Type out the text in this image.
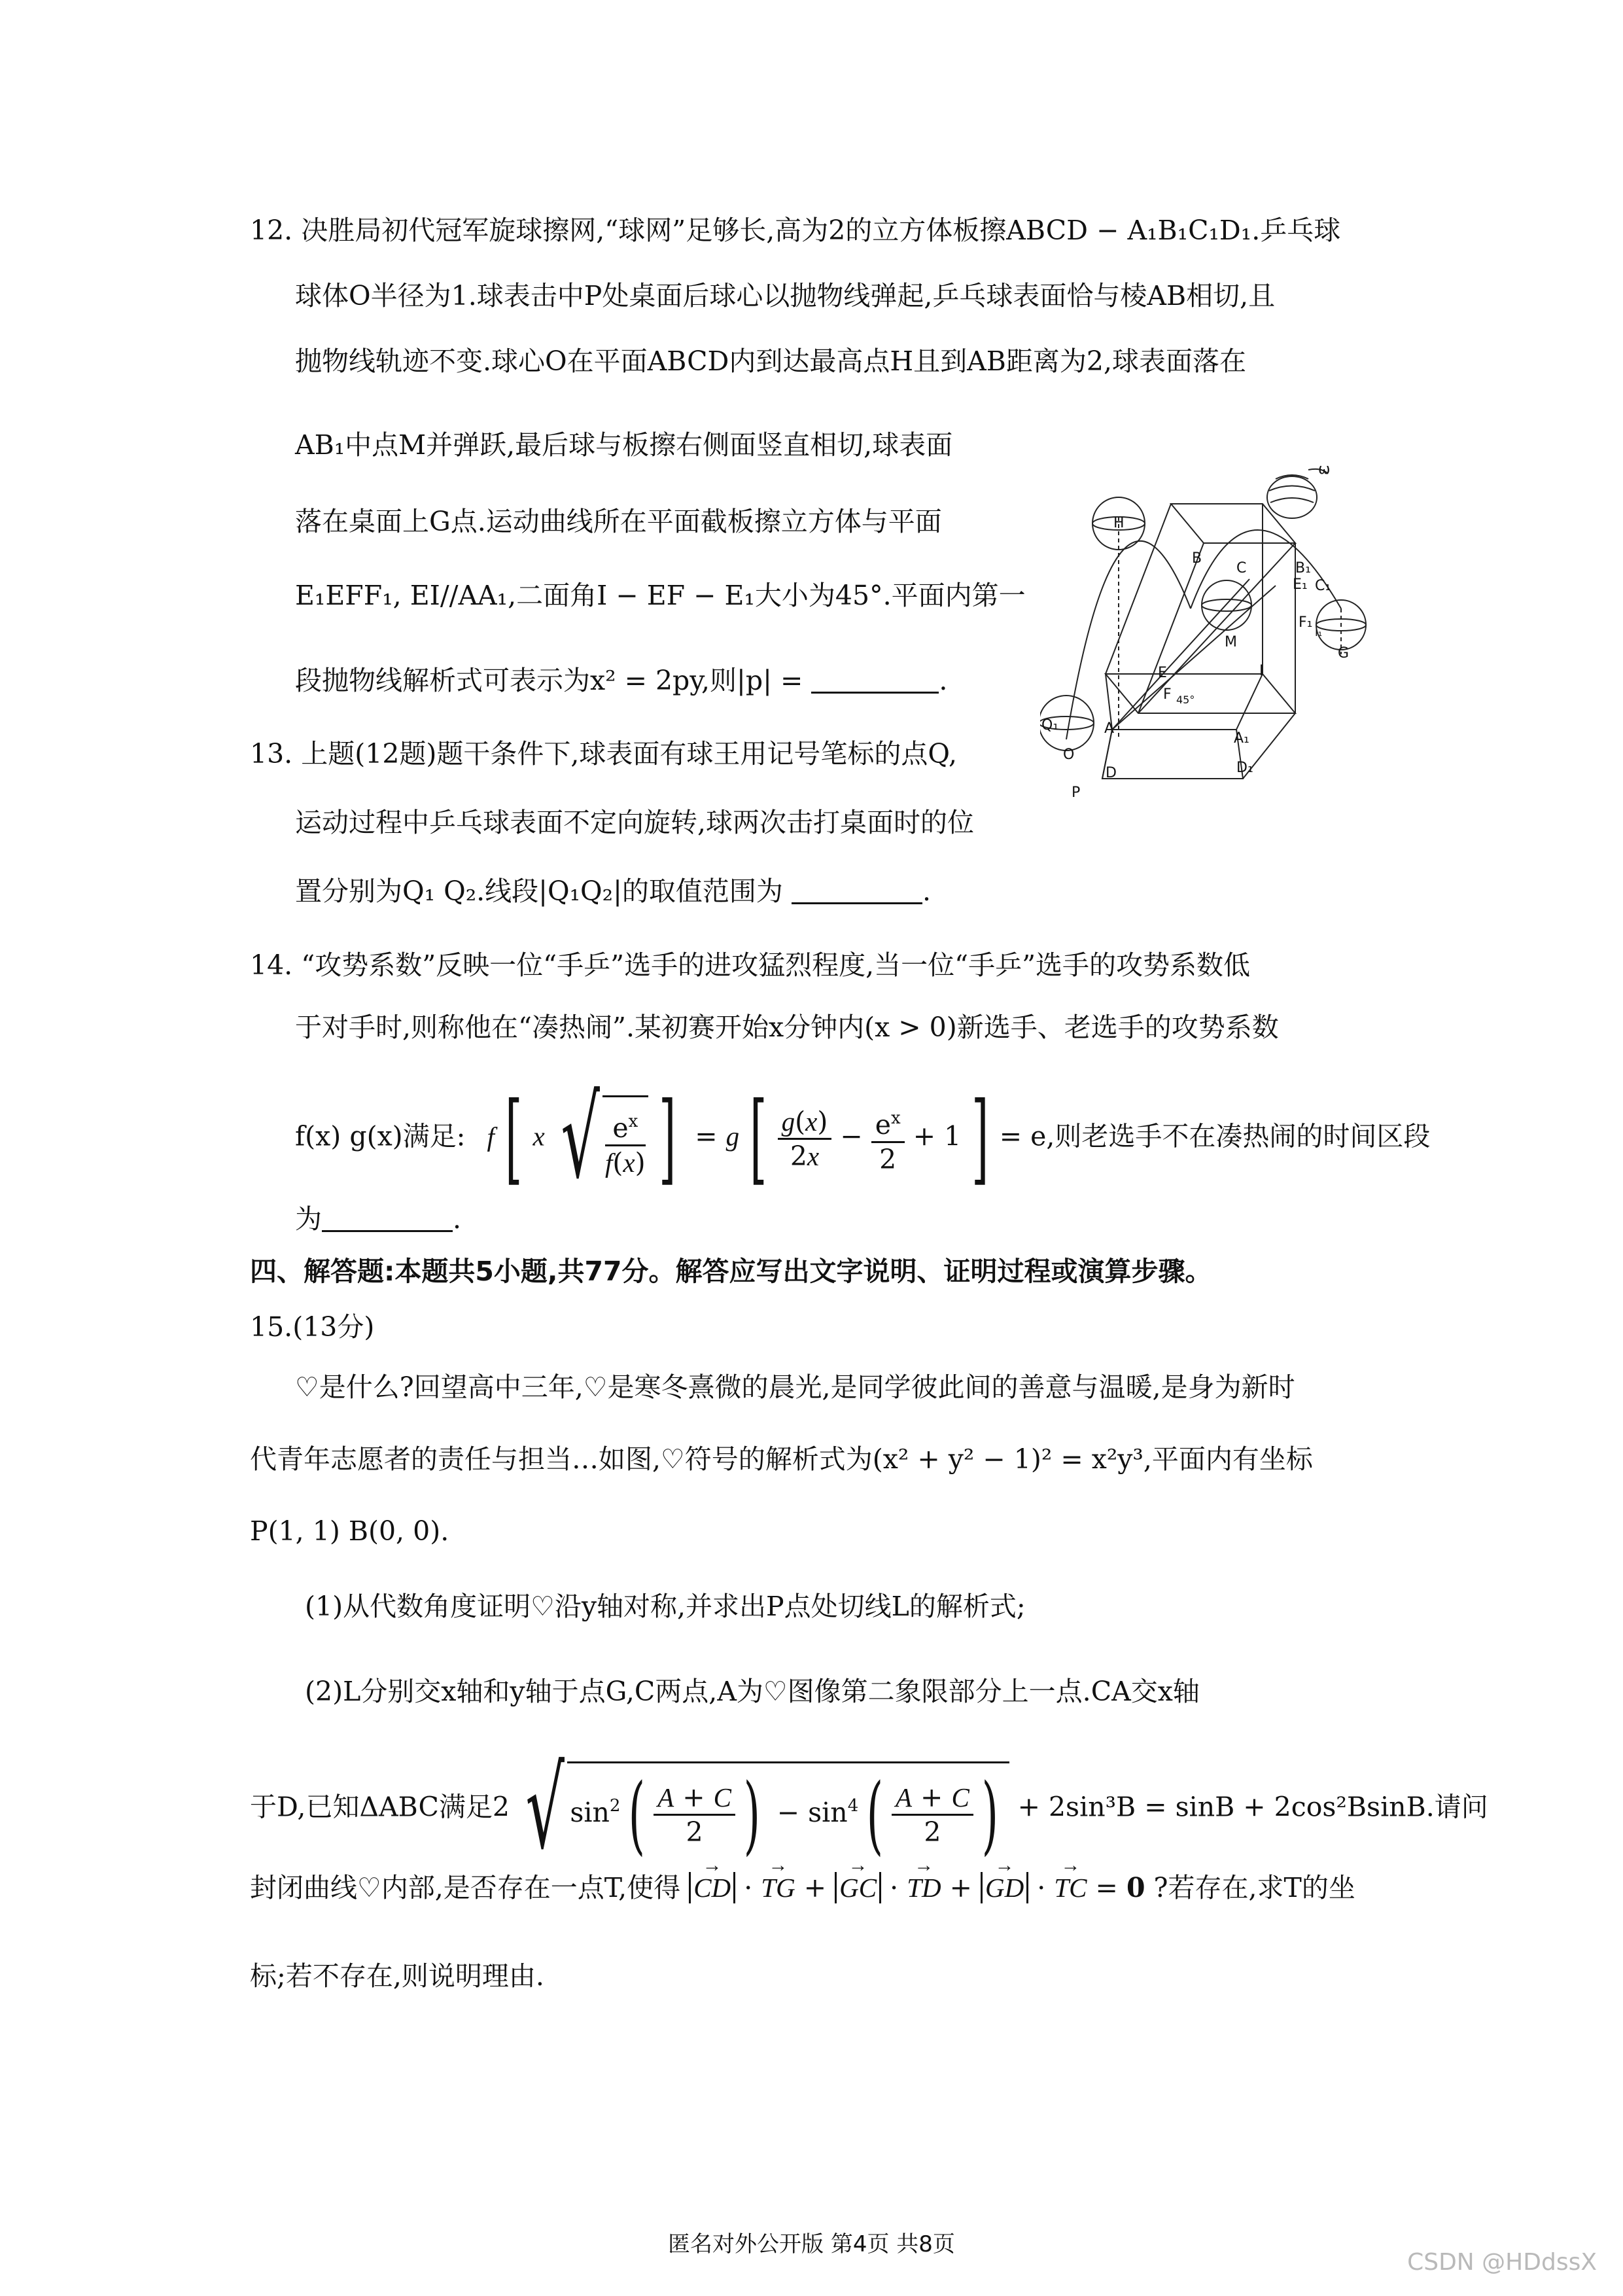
12. 决胜局初代冠军旋球擦网,“球网”足够长,高为2的立方体板擦ABCD − A₁B₁C₁D₁.乒乓球
球体O半径为1.球表击中P处桌面后球心以抛物线弹起,乒乓球表面恰与棱AB相切,且
抛物线轨迹不变.球心O在平面ABCD内到达最高点H且到AB距离为2,球表面落在
AB₁中点M并弹跃,最后球与板擦右侧面竖直相切,球表面
落在桌面上G点.运动曲线所在平面截板擦立方体与平面
E₁EFF₁, EI//AA₁,二面角I − EF − E₁大小为45°.平面内第一
段抛物线解析式可表示为x² = 2py,则|p| =	.
13. 上题(12题)题干条件下,球表面有球王用记号笔标的点Q,
运动过程中乒乓球表面不定向旋转,球两次击打桌面时的位
置分别为Q₁ Q₂.线段|Q₁Q₂|的取值范围为	.
ω
H
B
C	B₁
E₁ C₁
F₁
I₁
G
M
E	I
F 45°
Q₁
O
A
A₁
D	D₁
P
14. “攻势系数”反映一位“手乒”选手的进攻猛烈程度,当一位“手乒”选手的攻势系数低
于对手时,则称他在“凑热闹”.某初赛开始x分钟内(x > 0)新选手、老选手的攻势系数
f(x) g(x)满足: f [ x √ $\frac{e^x}{f(x)}$ ] = g [ $\frac{g(x)}{2x} - \frac{e^x}{2} + 1$ ] = e,则老选手不在凑热闹的时间区段
为	.
四、解答题:本题共5小题,共77分。解答应写出文字说明、证明过程或演算步骤。
15.(13分)
♡是什么?回望高中三年,♡是寒冬熹微的晨光,是同学彼此间的善意与温暖,是身为新时
代青年志愿者的责任与担当…如图,♡符号的解析式为(x² + y² − 1)² = x²y³,平面内有坐标
P(1, 1) B(0, 0).
(1)从代数角度证明♡沿y轴对称,并求出P点处切线L的解析式;
(2)L分别交x轴和y轴于点G,C两点,A为♡图像第二象限部分上一点.CA交x轴
于D,已知ΔABC满足2 √ $\sin^2( \frac{A + C}{2}$ ) − $\sin^4( \frac{A + C}{2}$ ) + 2sin³B = sinB + 2cos²BsinB.请问
封闭曲线♡内部,是否存在一点T,使得 → CD · → TG + → GC · → TD + → GD · → TC = 0 ?若存在,求T的坐
标;若不存在,则说明理由.
匿名对外公开版 第4页 共8页
CSDN @HDdssX
